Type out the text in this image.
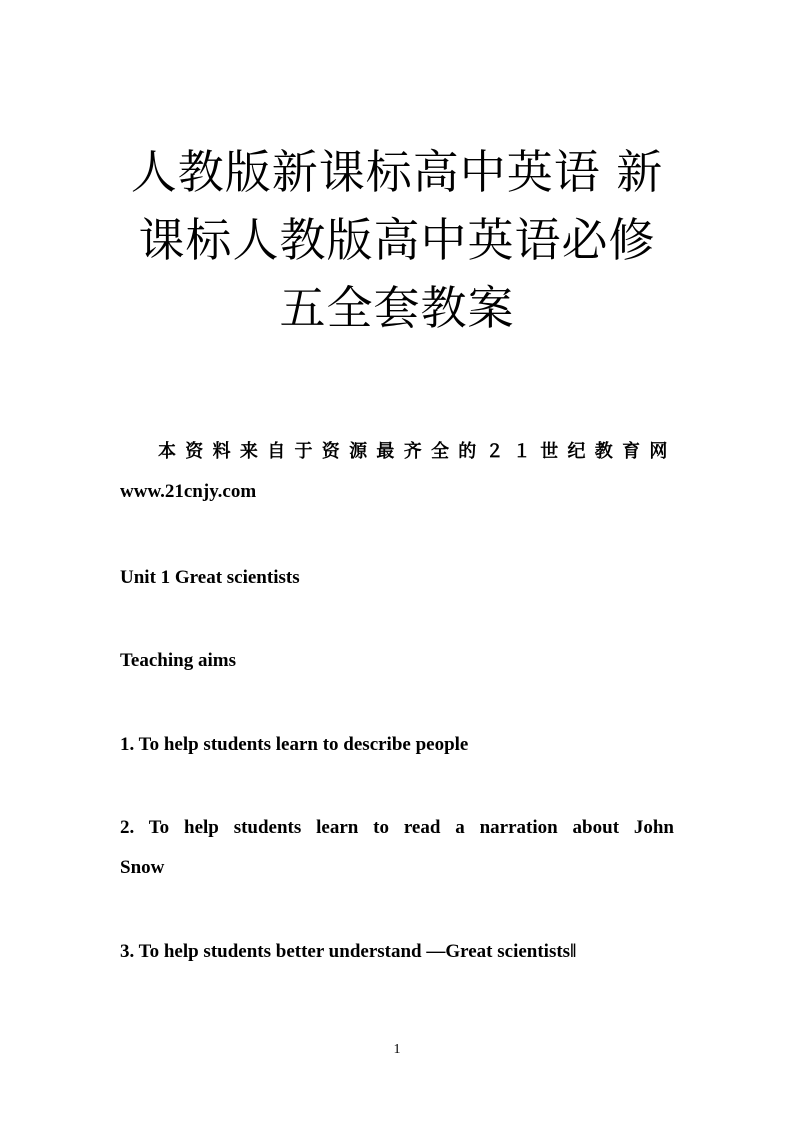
人教版新课标高中英语 新
课标人教版高中英语必修
五全套教案
本资料来自于资源最齐全的２１世纪教育网
www.21cnjy.com

Unit 1 Great scientists

Teaching aims

1. To help students learn to describe people

2. To help students learn to read a narration about John

Snow

3. To help students better understand —Great scientists‖

1
